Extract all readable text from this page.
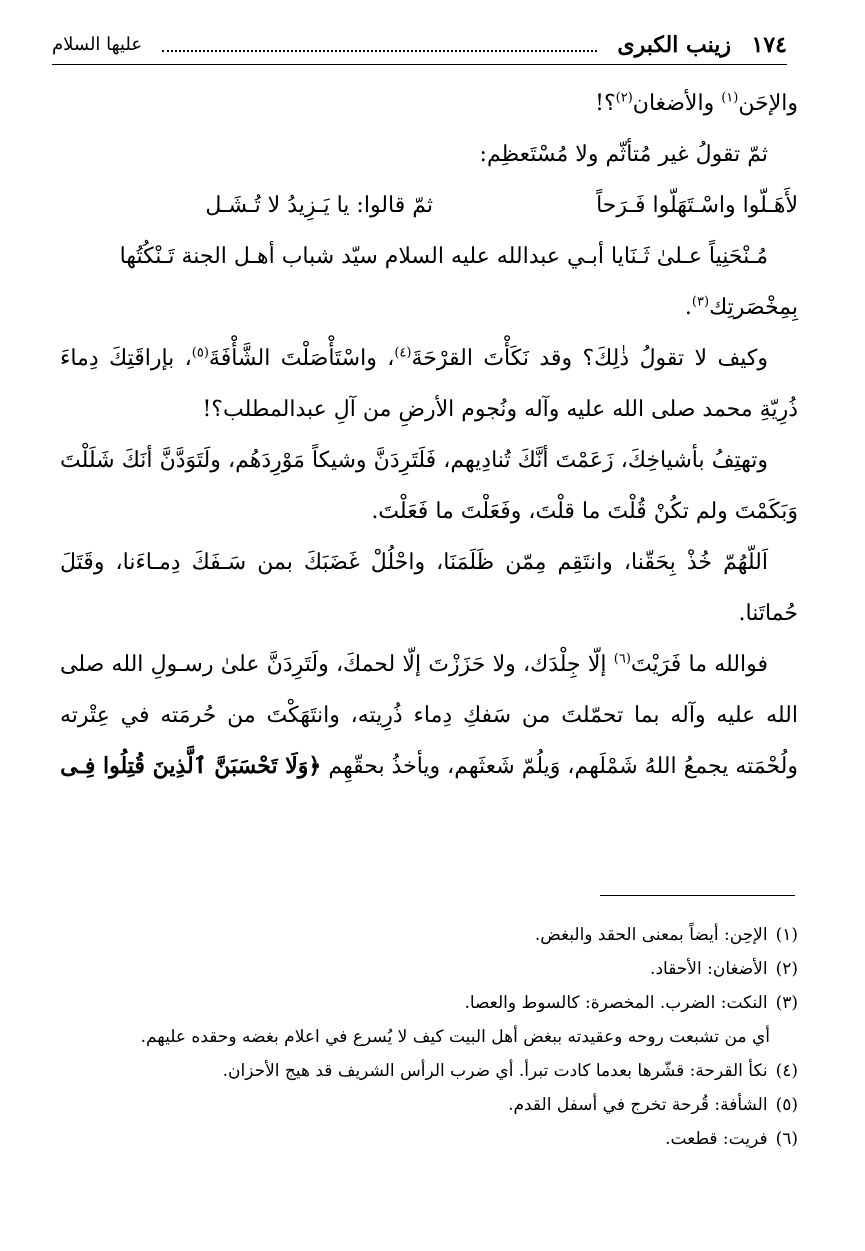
١٧٤
زينب الكبرى
عليها السلام

والإحَن$^{(١)}$ والأضغان$^{(٢)}$؟!

ثمّ تقولُ غير مُتأثّم ولا مُسْتَعظِم:

لأَهَـلّوا واسْـتَهَلّوا فَـرَحاً
ثمّ قالوا: يا يَـزِيدُ لا تُـشَـل

مُـنْحَنِياً عـلىٰ ثَـنَايا أبـي عبدالله عليه السلام سيّد شباب أهـل الجنة تَـنْكُتُها

بِمِخْصَرتِك$^{(٣)}$.

وكيف لا تقولُ ذٰلِكَ؟ وقد نَكَأْتَ القرْحَةَ$^{(٤)}$، واسْتَأْصَلْتَ الشَّأْفَةَ$^{(٥)}$، بإراقَتِكَ دِماءَ ذُرِيّةِ محمد صلى الله عليه وآله ونُجوم الأرضِ من آلِ عبدالمطلب؟!

وتهتِفُ بأشياخِكَ، زَعَمْتَ أنَّكَ تُنادِيهم، فَلَتَرِدَنَّ وشيكاً مَوْرِدَهُم، ولَتَوَدَّنَّ أنَكَ شَلَلْتَ وَبَكَمْتَ ولم تكُنْ قُلْتَ ما قلْتَ، وفَعَلْتَ ما فَعَلْتَ.

اَللّهُمّ خُذْ بِحَقّنا، وانتَقِم مِمّن ظَلَمَنَا، واحْلُلْ غَضَبَكَ بمن سَـفَكَ دِمـاءَنا، وقَتَلَ حُماتَنا.

فوالله ما فَرَيْتَ$^{(٦)}$ إلّا جِلْدَك، ولا حَزَزْتَ إلّا لحمكَ، ولَتَرِدَنَّ علىٰ رسـولِ الله صلى الله عليه وآله بما تحمّلتَ من سَفكِ دِماء ذُرِيته، وانتَهَكْتَ من حُرمَته في عِتْرته ولُحْمَته يجمعُ اللهُ شَمْلَهم، وَيلُمّ شَعثَهم، ويأخذُ بحقّهِم ﴿وَلَا تَحْسَبَنَّ ٱلَّذِينَ قُتِلُوا فِـى

(١)الإحِن: أيضاً بمعنى الحقد والبغض.

(٢)الأضغان: الأحقاد.

(٣)النكت: الضرب. المخصرة: كالسوط والعصا.

أي من تشبعت روحه وعقيدته ببغض أهل البيت كيف لا يُسرع في اعلام بغضه وحقده عليهم.

(٤)نكأ القرحة: قشّرها بعدما كادت تبرأ. أي ضرب الرأس الشريف قد هيج الأحزان.

(٥)الشأفة: قُرحة تخرج في أسفل القدم.

(٦)فريت: قطعت.
